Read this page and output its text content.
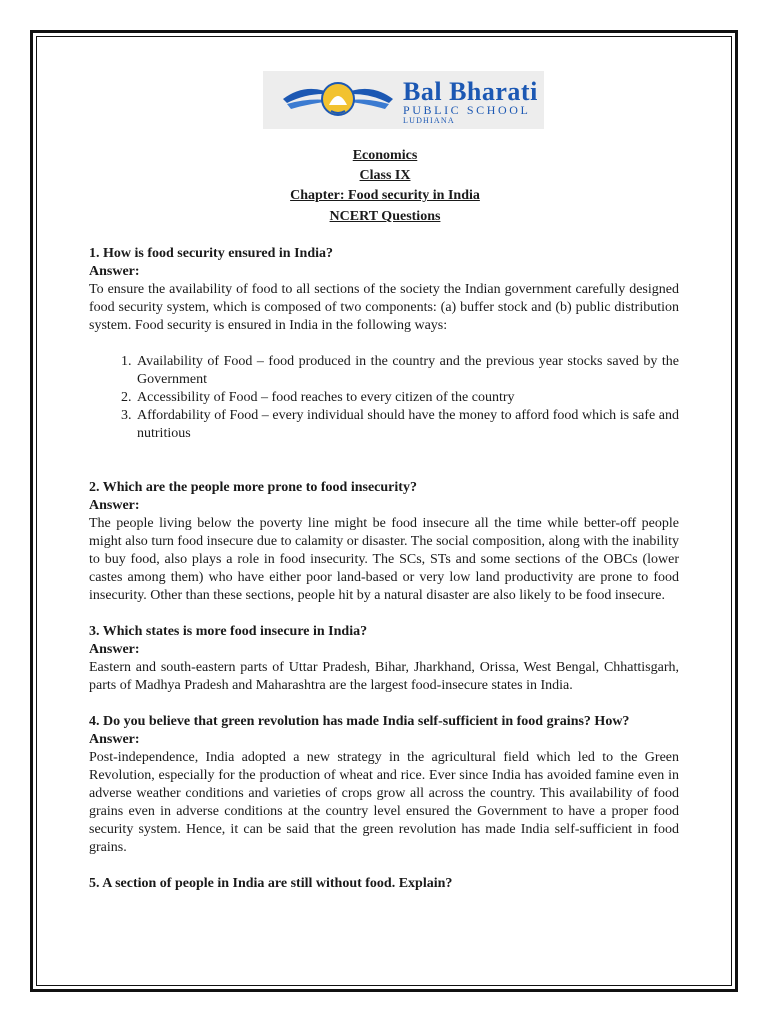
Bal Bharati
PUBLIC SCHOOL
LUDHIANA
Economics
Class IX
Chapter: Food security in India
NCERT Questions

1. How is food security ensured in India?

Answer:

To ensure the availability of food to all sections of the society the Indian government carefully designed food security system, which is composed of two components: (a) buffer stock and (b) public distribution system. Food security is ensured in India in the following ways:

1. Availability of Food – food produced in the country and the previous year stocks saved by the Government
2. Accessibility of Food – food reaches to every citizen of the country
3. Affordability of Food – every individual should have the money to afford food which is safe and nutritious

2. Which are the people more prone to food insecurity?

Answer:

The people living below the poverty line might be food insecure all the time while better-off people might also turn food insecure due to calamity or disaster. The social composition, along with the inability to buy food, also plays a role in food insecurity. The SCs, STs and some sections of the OBCs (lower castes among them) who have either poor land-based or very low land productivity are prone to food insecurity. Other than these sections, people hit by a natural disaster are also likely to be food insecure.

3. Which states is more food insecure in India?

Answer:

Eastern and south-eastern parts of Uttar Pradesh, Bihar, Jharkhand, Orissa, West Bengal, Chhattisgarh, parts of Madhya Pradesh and Maharashtra are the largest food-insecure states in India.

4. Do you believe that green revolution has made India self-sufficient in food grains? How?

Answer:

Post-independence, India adopted a new strategy in the agricultural field which led to the Green Revolution, especially for the production of wheat and rice. Ever since India has avoided famine even in adverse weather conditions and varieties of crops grow all across the country. This availability of food grains even in adverse conditions at the country level ensured the Government to have a proper food security system. Hence, it can be said that the green revolution has made India self-sufficient in food grains.

5. A section of people in India are still without food. Explain?
